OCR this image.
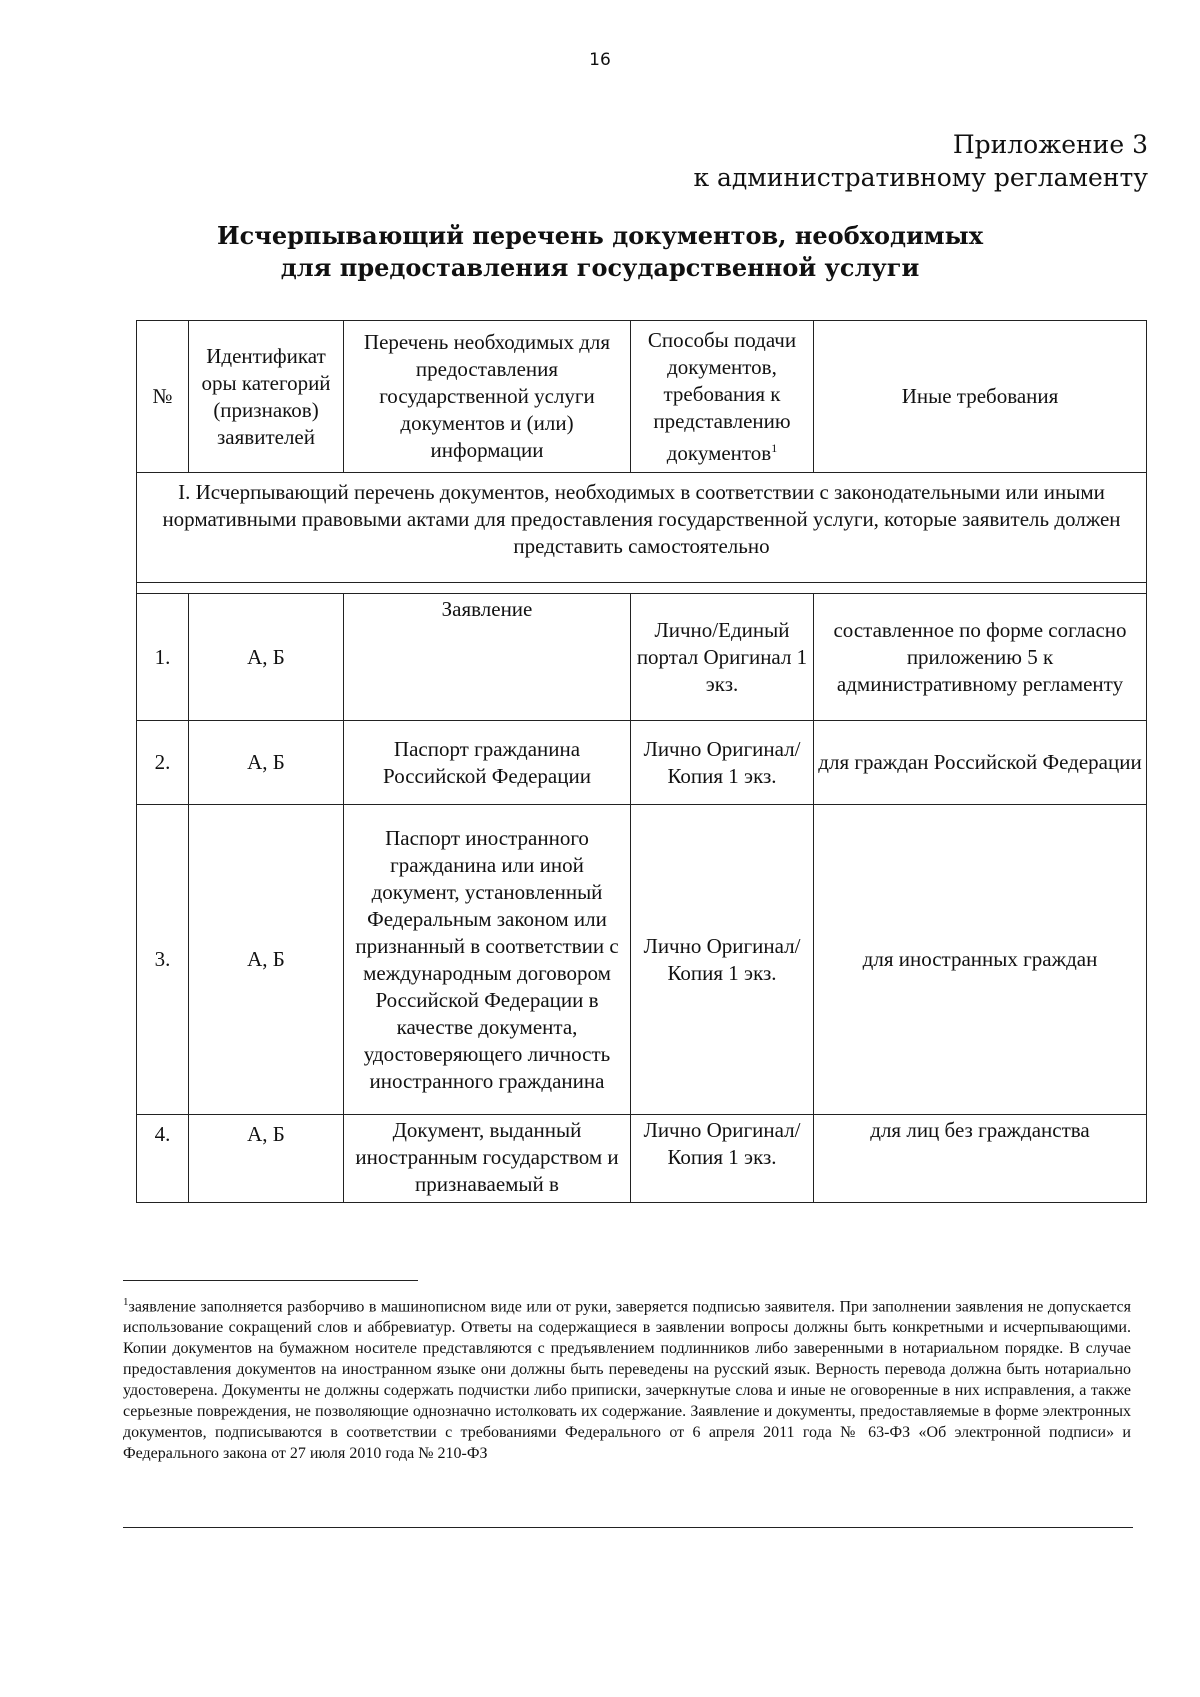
16
Приложение 3
к административному регламенту
Исчерпывающий перечень документов, необходимых
для предоставления государственной услуги
№	Идентификат оры категорий (признаков) заявителей	Перечень необходимых для предоставления государственной услуги документов и (или) информации	Способы подачи документов, требования к представлению документов$^1$	Иные требования
I. Исчерпывающий перечень документов, необходимых в соответствии с законодательными или иными нормативными правовыми актами для предоставления государственной услуги, которые заявитель должен представить самостоятельно				

1.	А, Б	Заявление	Лично/Единый портал Оригинал 1 экз.	составленное по форме согласно приложению 5 к административному регламенту
2.	А, Б	Паспорт гражданина Российской Федерации	Лично Оригинал/Копия 1 экз.	для граждан Российской Федерации
3.	А, Б	Паспорт иностранного гражданина или иной документ, установленный Федеральным законом или признанный в соответствии с международным договором Российской Федерации в качестве документа, удостоверяющего личность иностранного гражданина	Лично Оригинал/Копия 1 экз.	для иностранных граждан
4.	А, Б	Документ, выданный иностранным государством и признаваемый в	Лично Оригинал/Копия 1 экз.	для лиц без гражданства
$^1$заявление заполняется разборчиво в машинописном виде или от руки, заверяется подписью заявителя. При заполнении заявления не допускается использование сокращений слов и аббревиатур. Ответы на содержащиеся в заявлении вопросы должны быть конкретными и исчерпывающими. Копии документов на бумажном носителе представляются с предъявлением подлинников либо заверенными в нотариальном порядке. В случае предоставления документов на иностранном языке они должны быть переведены на русский язык. Верность перевода должна быть нотариально удостоверена. Документы не должны содержать подчистки либо приписки, зачеркнутые слова и иные не оговоренные в них исправления, а также серьезные повреждения, не позволяющие однозначно истолковать их содержание. Заявление и документы, предоставляемые в форме электронных документов, подписываются в соответствии с требованиями Федерального от 6 апреля 2011 года № 63-ФЗ «Об электронной подписи» и Федерального закона от 27 июля 2010 года № 210-ФЗ
